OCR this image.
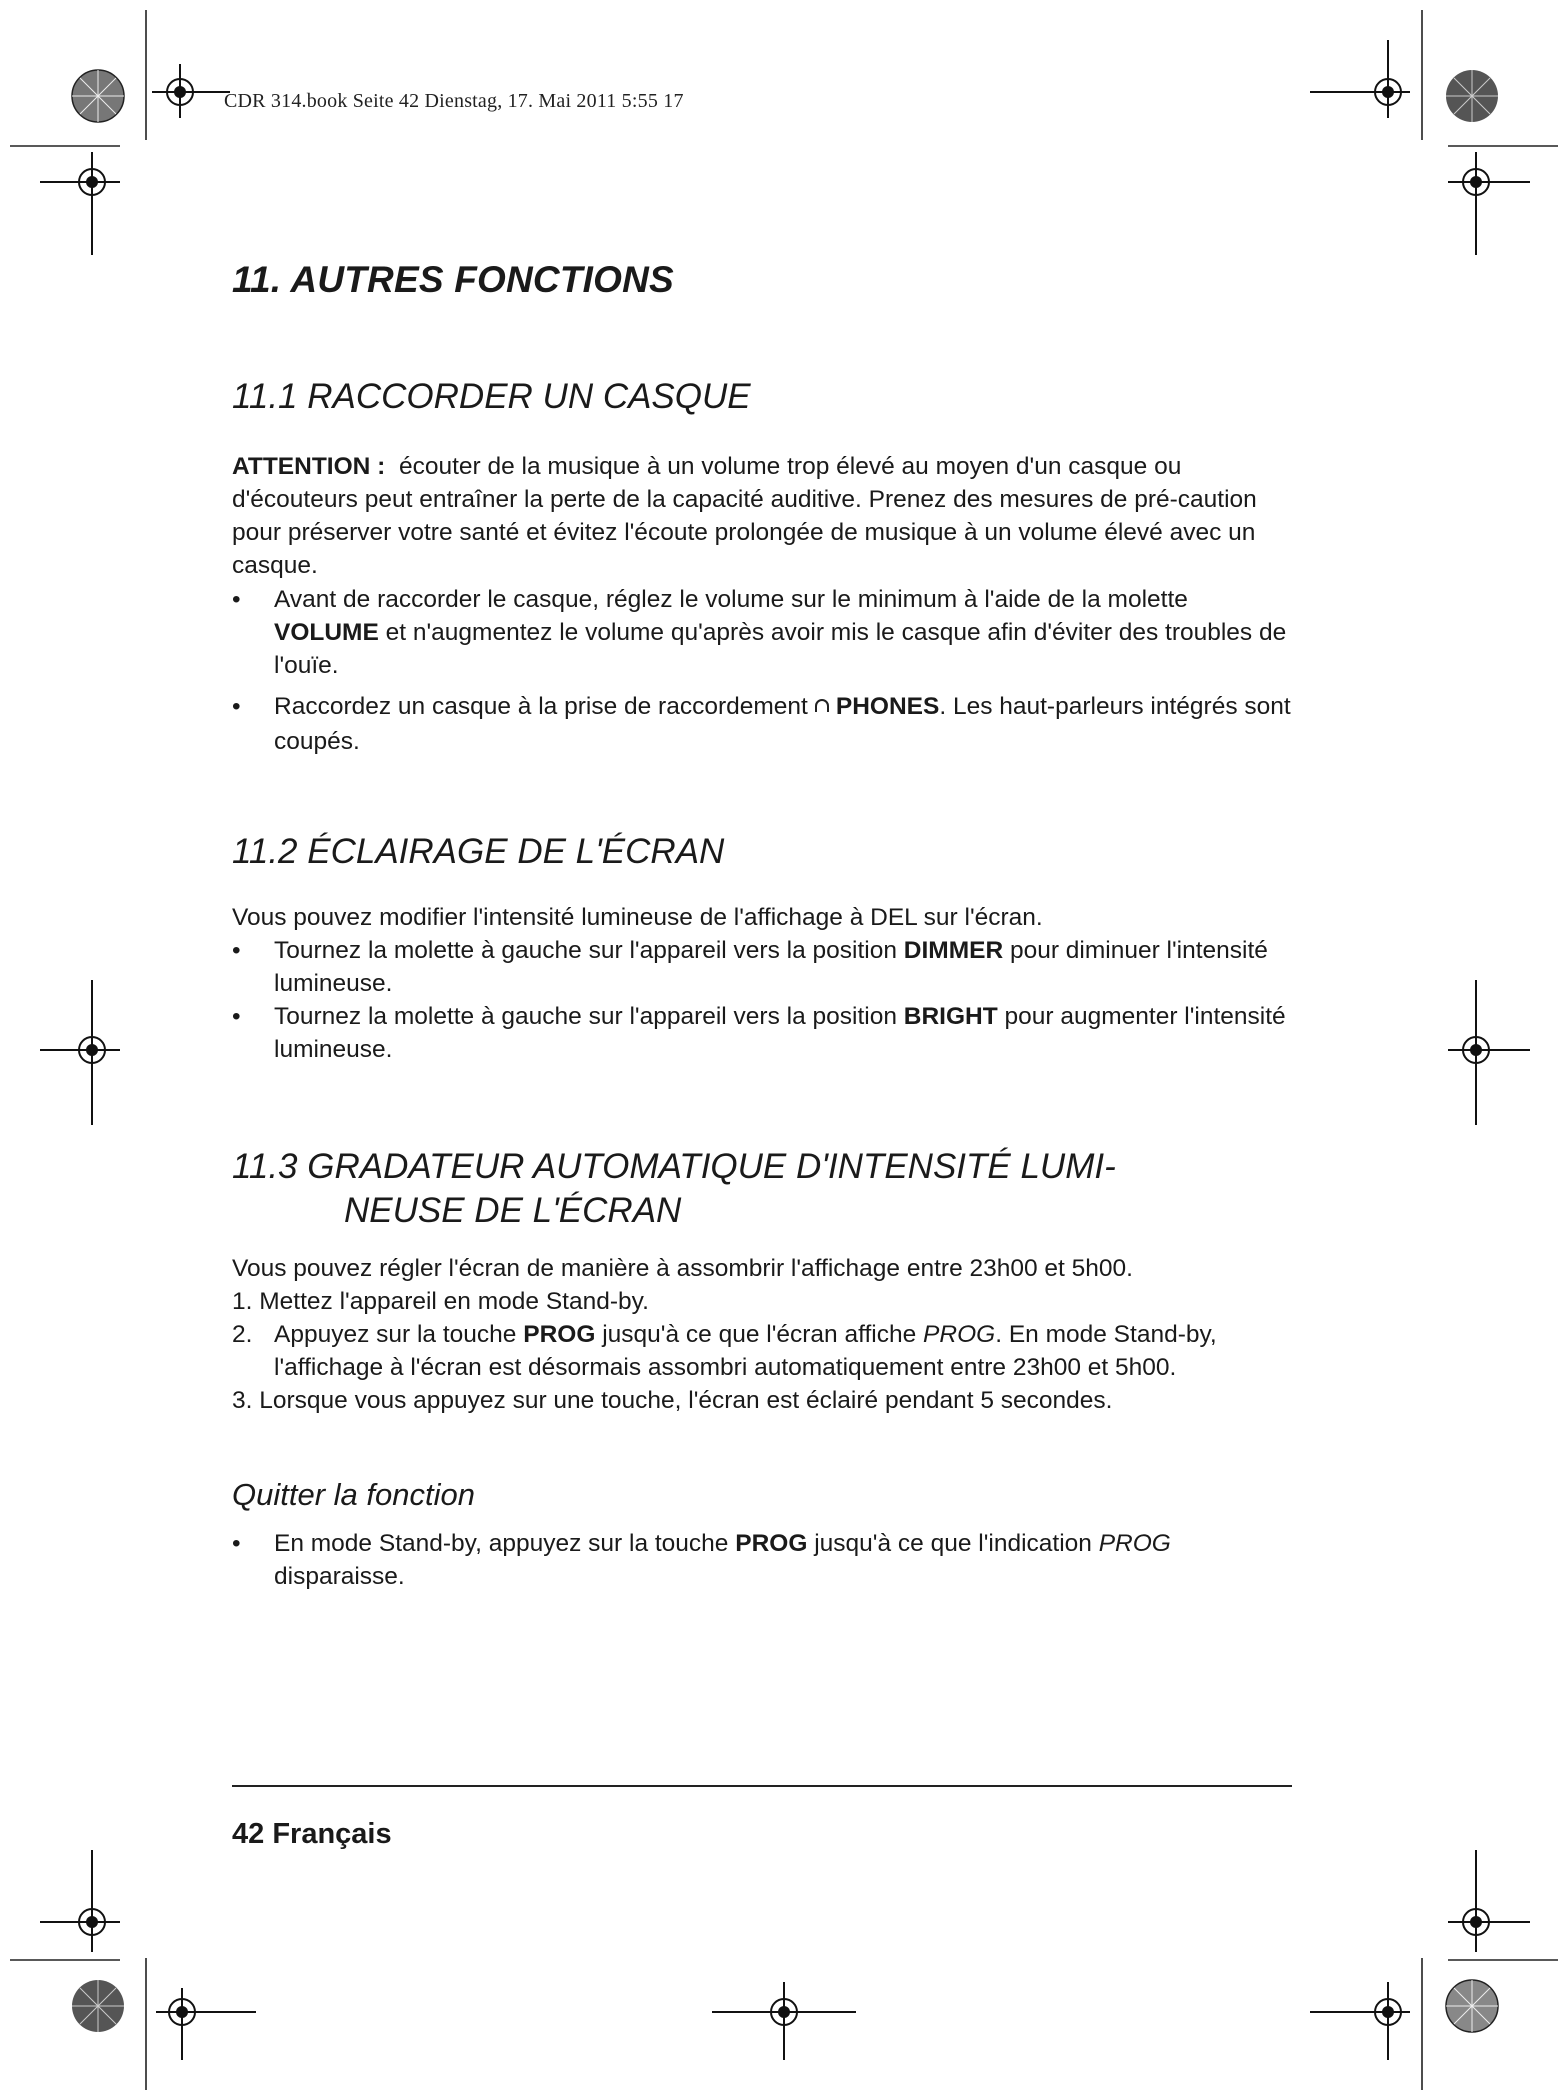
CDR 314.book Seite 42 Dienstag, 17. Mai 2011 5:55 17
11. AUTRES FONCTIONS
11.1 RACCORDER UN CASQUE

ATTENTION : écouter de la musique à un volume trop élevé au moyen d'un casque ou d'écouteurs peut entraîner la perte de la capacité auditive. Prenez des mesures de pré-caution pour préserver votre santé et évitez l'écoute prolongée de musique à un volume élevé avec un casque.

• Avant de raccorder le casque, réglez le volume sur le minimum à l'aide de la molette
VOLUME et n'augmentez le volume qu'après avoir mis le casque afin d'éviter des troubles de l'ouïe.
• Raccordez un casque à la prise de raccordement PHONES. Les haut-parleurs intégrés sont coupés.
11.2 ÉCLAIRAGE DE L'ÉCRAN

Vous pouvez modifier l'intensité lumineuse de l'affichage à DEL sur l'écran.

• Tournez la molette à gauche sur l'appareil vers la position DIMMER pour diminuer l'intensité lumineuse.
• Tournez la molette à gauche sur l'appareil vers la position BRIGHT pour augmenter l'intensité lumineuse.
11.3 GRADATEUR AUTOMATIQUE D'INTENSITÉ LUMI-
NEUSE DE L'ÉCRAN

Vous pouvez régler l'écran de manière à assombrir l'affichage entre 23h00 et 5h00.

1. Mettez l'appareil en mode Stand-by.
2. Appuyez sur la touche PROG jusqu'à ce que l'écran affiche PROG. En mode Stand-by, l'affichage à l'écran est désormais assombri automatiquement entre 23h00 et 5h00.
3. Lorsque vous appuyez sur une touche, l'écran est éclairé pendant 5 secondes.
Quitter la fonction
• En mode Stand-by, appuyez sur la touche PROG jusqu'à ce que l'indication PROG
disparaisse.
42 Français
